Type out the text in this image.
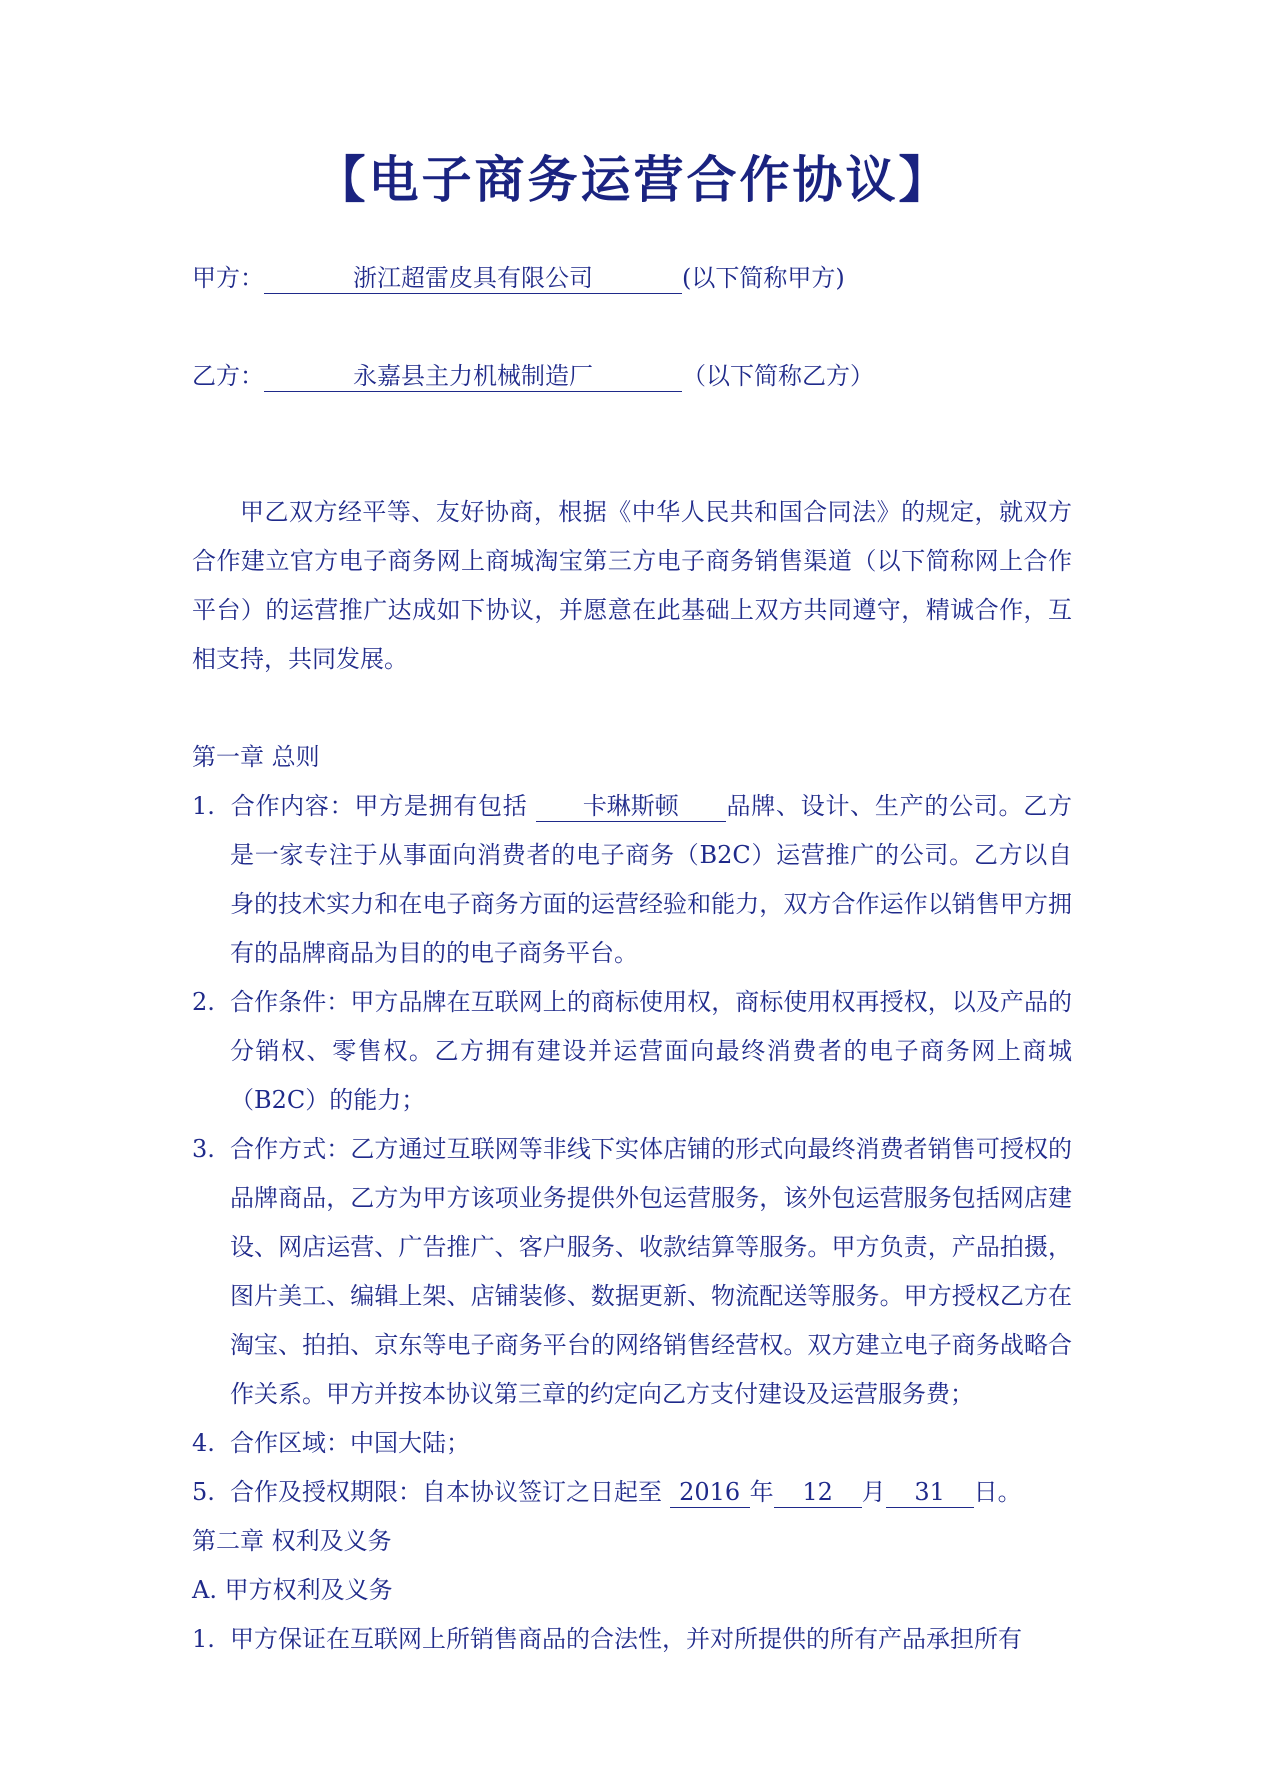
【电子商务运营合作协议】
甲方：	浙江超雷皮具有限公司	(以下简称甲方)
乙方：	永嘉县主力机械制造厂	（以下简称乙方）

甲乙双方经平等、友好协商，根据《中华人民共和国合同法》的规定，就双方合作建立官方电子商务网上商城淘宝第三方电子商务销售渠道（以下简称网上合作平台）的运营推广达成如下协议，并愿意在此基础上双方共同遵守，精诚合作，互相支持，共同发展。

第一章 总则

1. 合作内容：甲方是拥有包括 卡琳斯顿 品牌、设计、生产的公司。乙方是一家专注于从事面向消费者的电子商务（B2C）运营推广的公司。乙方以自身的技术实力和在电子商务方面的运营经验和能力，双方合作运作以销售甲方拥有的品牌商品为目的的电子商务平台。

2. 合作条件：甲方品牌在互联网上的商标使用权，商标使用权再授权，以及产品的分销权、零售权。乙方拥有建设并运营面向最终消费者的电子商务网上商城（B2C）的能力；

3. 合作方式：乙方通过互联网等非线下实体店铺的形式向最终消费者销售可授权的品牌商品，乙方为甲方该项业务提供外包运营服务，该外包运营服务包括网店建设、网店运营、广告推广、客户服务、收款结算等服务。甲方负责，产品拍摄，图片美工、编辑上架、店铺装修、数据更新、物流配送等服务。甲方授权乙方在淘宝、拍拍、京东等电子商务平台的网络销售经营权。双方建立电子商务战略合作关系。甲方并按本协议第三章的约定向乙方支付建设及运营服务费；

4. 合作区域：中国大陆；

5. 合作及授权期限：自本协议签订之日起至 2016 年 12 月 31 日。

第二章 权利及义务

A. 甲方权利及义务

1. 甲方保证在互联网上所销售商品的合法性，并对所提供的所有产品承担所有
